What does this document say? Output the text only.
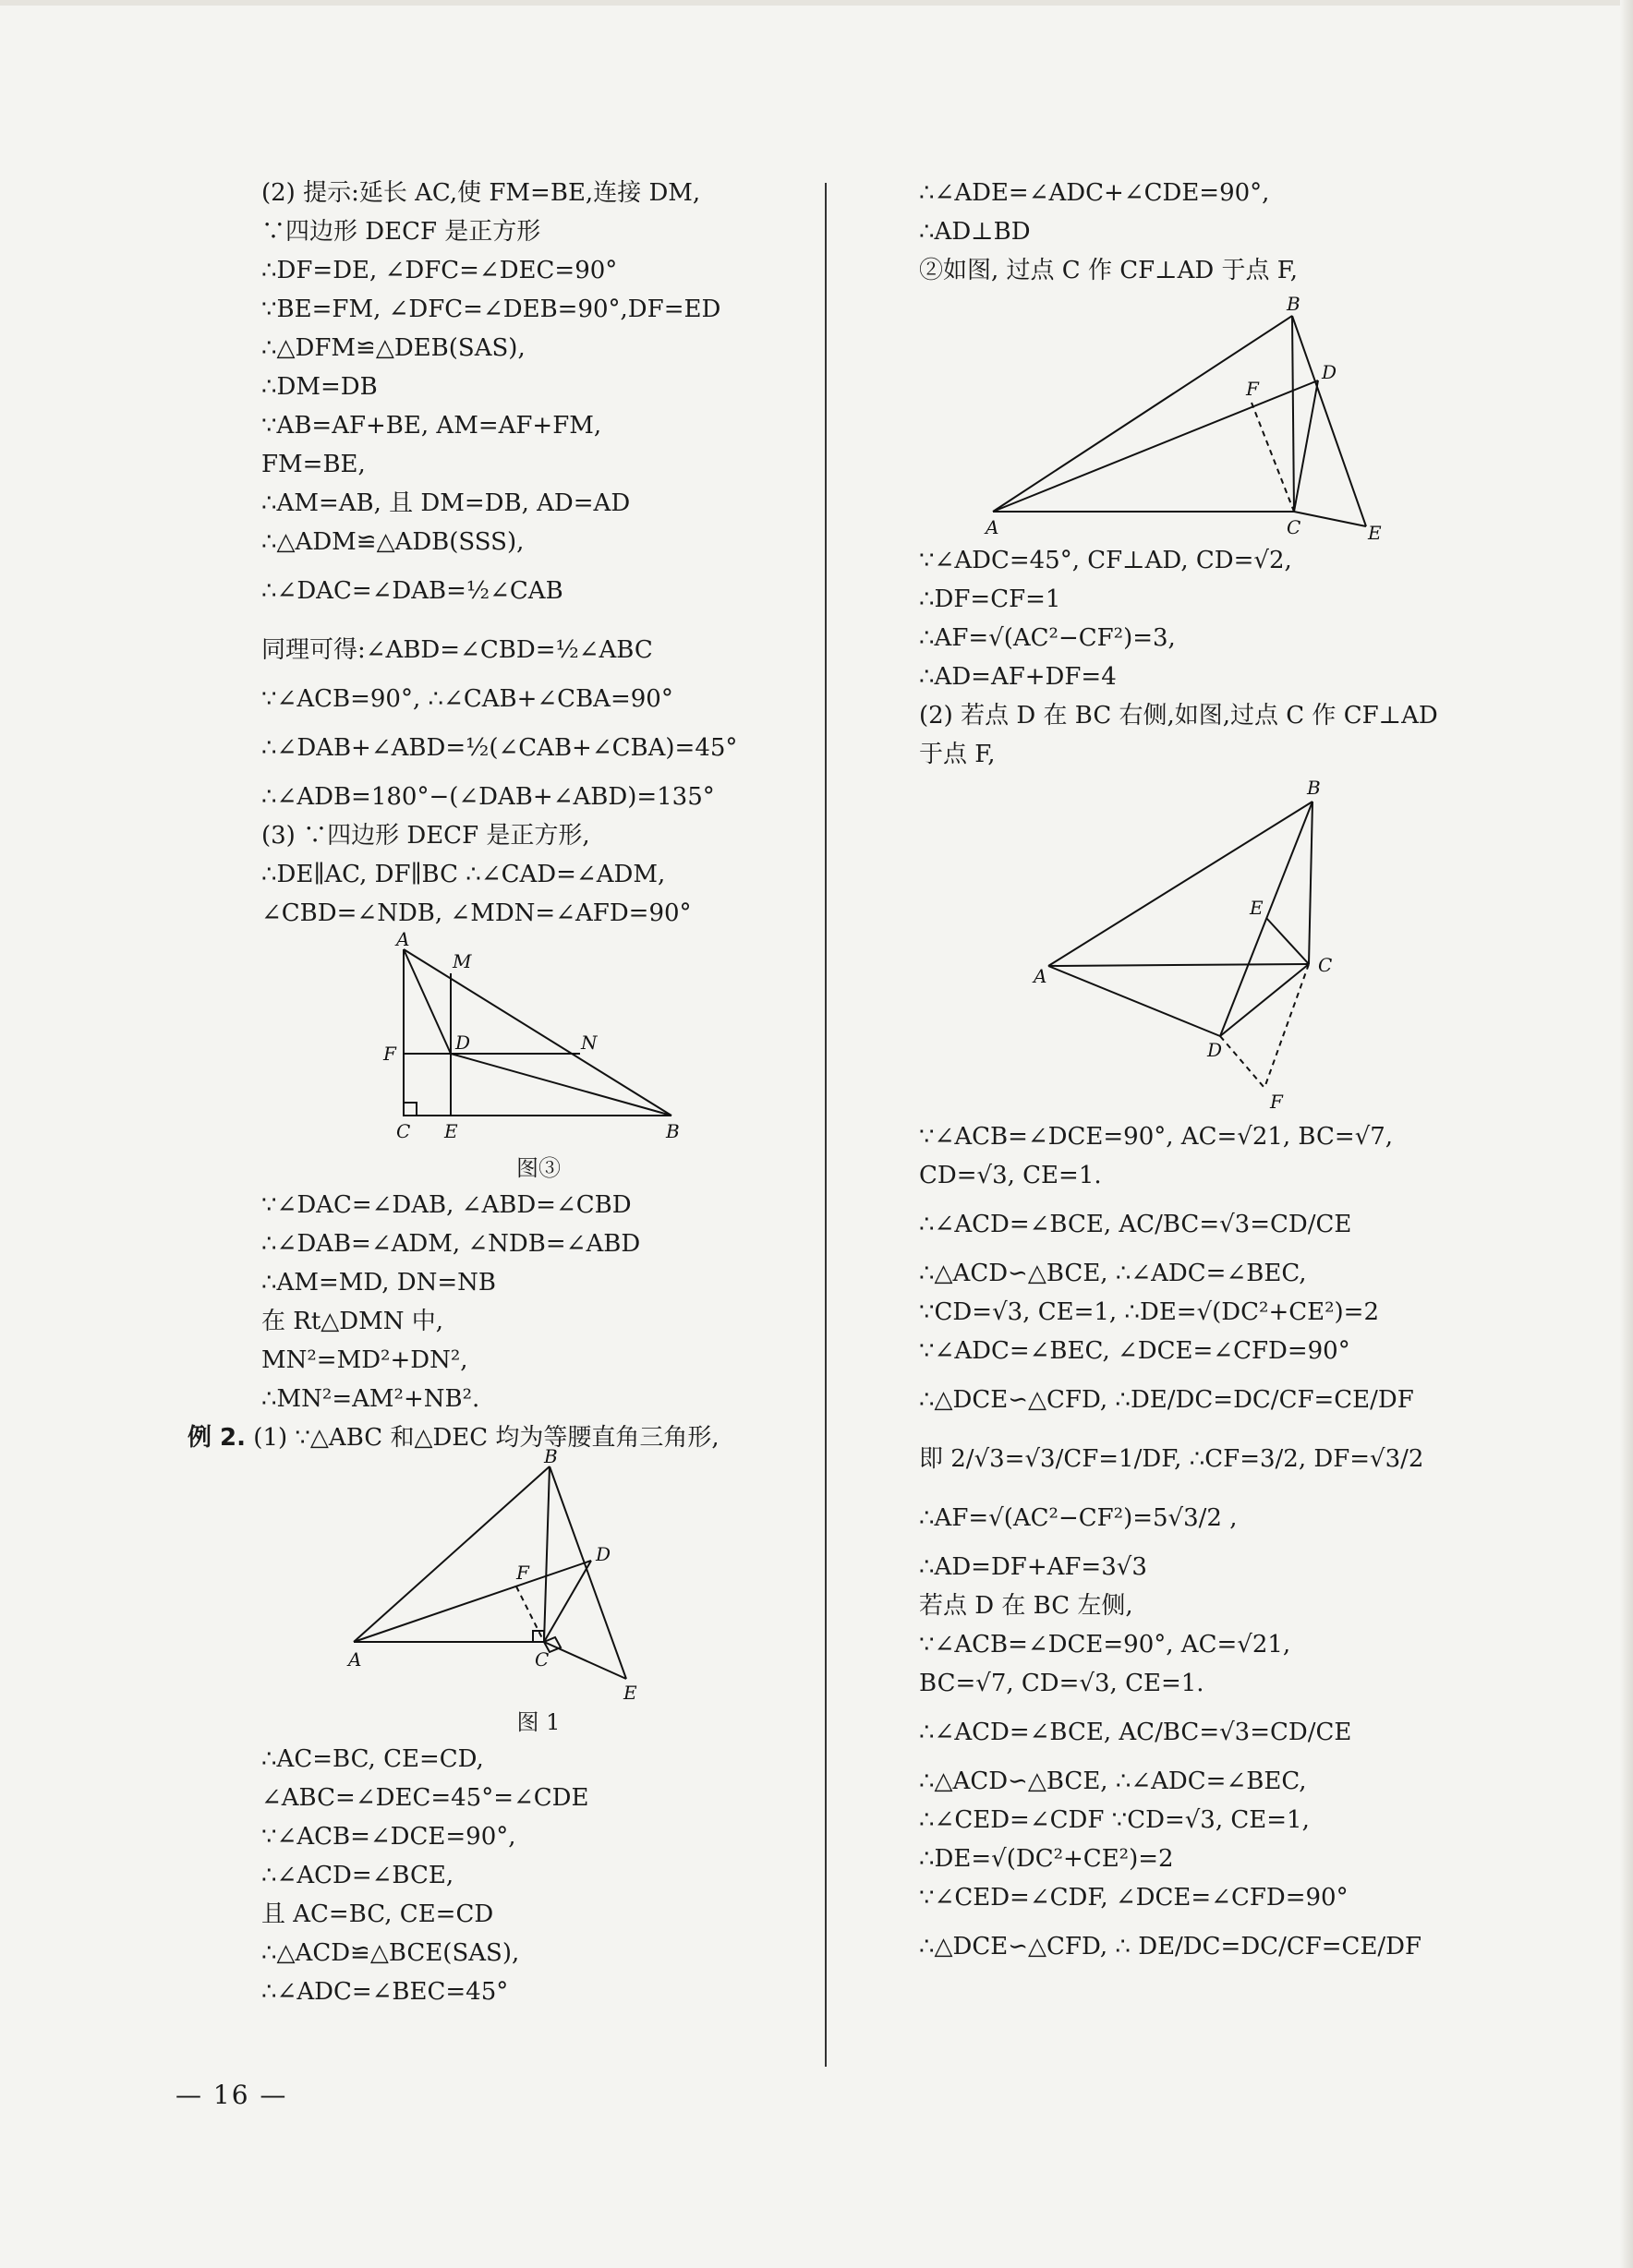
(2) 提示:延长 AC,使 FM=BE,连接 DM,
∵四边形 DECF 是正方形
∴DF=DE, ∠DFC=∠DEC=90°
∵BE=FM, ∠DFC=∠DEB=90°,DF=ED
∴△DFM≌△DEB(SAS),
∴DM=DB
∵AB=AF+BE, AM=AF+FM,
FM=BE,
∴AM=AB, 且 DM=DB, AD=AD
∴△ADM≌△ADB(SSS),
∴∠DAC=∠DAB=½∠CAB
同理可得:∠ABD=∠CBD=½∠ABC
∵∠ACB=90°, ∴∠CAB+∠CBA=90°
∴∠DAB+∠ABD=½(∠CAB+∠CBA)=45°
∴∠ADB=180°−(∠DAB+∠ABD)=135°
(3) ∵四边形 DECF 是正方形,
∴DE∥AC, DF∥BC ∴∠CAD=∠ADM,
∠CBD=∠NDB, ∠MDN=∠AFD=90°
A
M
N
F	D
C E	B
图③
∵∠DAC=∠DAB, ∠ABD=∠CBD
∴∠DAB=∠ADM, ∠NDB=∠ABD
∴AM=MD, DN=NB
在 Rt△DMN 中,
MN²=MD²+DN²,
∴MN²=AM²+NB².
例 2. (1) ∵△ABC 和△DEC 均为等腰直角三角形,
B
D
F
A	C
E
图 1
∴AC=BC, CE=CD,
∠ABC=∠DEC=45°=∠CDE
∵∠ACB=∠DCE=90°,
∴∠ACD=∠BCE,
且 AC=BC, CE=CD
∴△ACD≌△BCE(SAS),
∴∠ADC=∠BEC=45°
∴∠ADE=∠ADC+∠CDE=90°,
∴AD⊥BD
②如图, 过点 C 作 CF⊥AD 于点 F,
B
D
F
A	C	E
∵∠ADC=45°, CF⊥AD, CD=√2,
∴DF=CF=1
∴AF=√(AC²−CF²)=3,
∴AD=AF+DF=4
(2) 若点 D 在 BC 右侧,如图,过点 C 作 CF⊥AD
于点 F,
B
E
C
A
D
F
∵∠ACB=∠DCE=90°, AC=√21, BC=√7,
CD=√3, CE=1.
∴∠ACD=∠BCE, AC/BC=√3=CD/CE
∴△ACD∽△BCE, ∴∠ADC=∠BEC,
∵CD=√3, CE=1, ∴DE=√(DC²+CE²)=2
∵∠ADC=∠BEC, ∠DCE=∠CFD=90°
∴△DCE∽△CFD, ∴DE/DC=DC/CF=CE/DF
即 2/√3=√3/CF=1/DF, ∴CF=3/2, DF=√3/2
∴AF=√(AC²−CF²)=5√3/2 ,
∴AD=DF+AF=3√3
若点 D 在 BC 左侧,
∵∠ACB=∠DCE=90°, AC=√21,
BC=√7, CD=√3, CE=1.
∴∠ACD=∠BCE, AC/BC=√3=CD/CE
∴△ACD∽△BCE, ∴∠ADC=∠BEC,
∴∠CED=∠CDF ∵CD=√3, CE=1,
∴DE=√(DC²+CE²)=2
∵∠CED=∠CDF, ∠DCE=∠CFD=90°
∴△DCE∽△CFD, ∴ DE/DC=DC/CF=CE/DF
— 16 —
